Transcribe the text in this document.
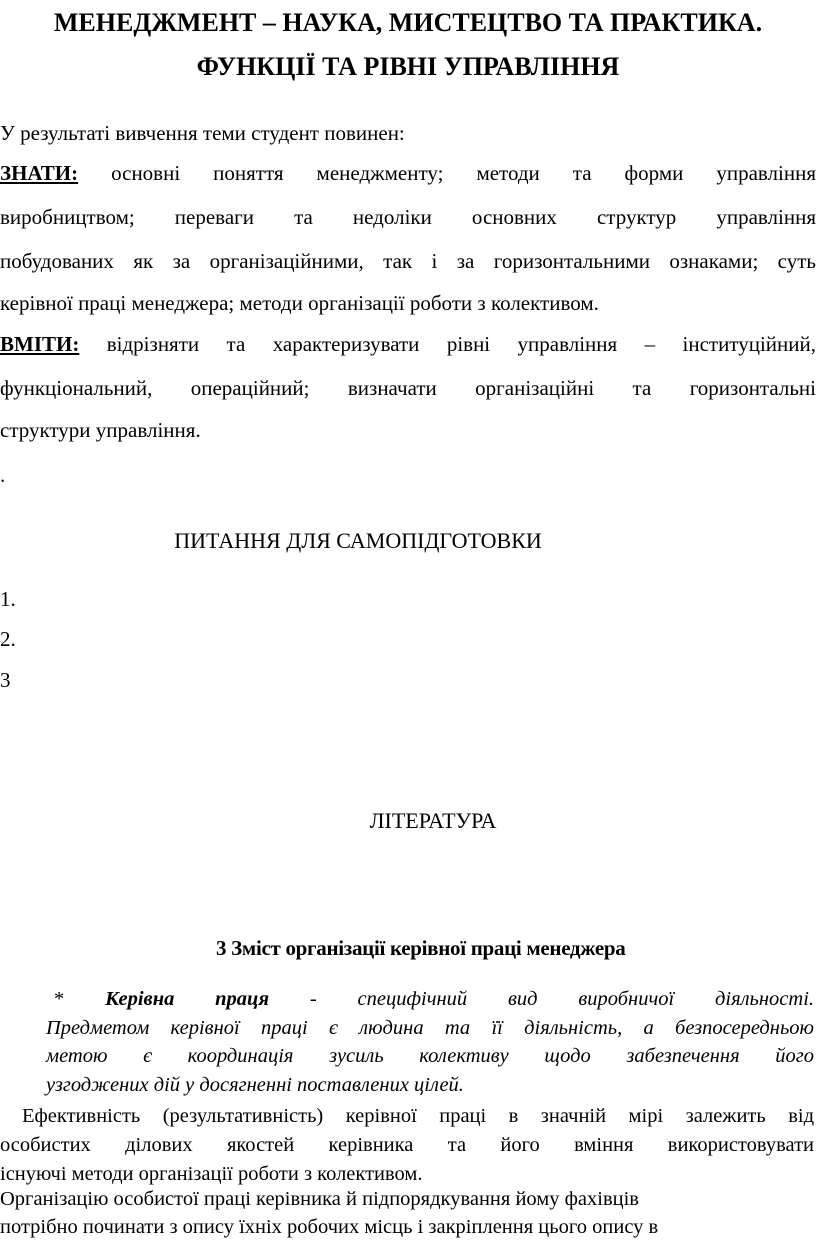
МЕНЕДЖМЕНТ – НАУКА, МИСТЕЦТВО ТА ПРАКТИКА.
ФУНКЦІЇ ТА РІВНІ УПРАВЛІННЯ
У результаті вивчення теми студент повинен:
ЗНАТИ: основні поняття менеджменту; методи та форми управління
виробництвом; переваги та недоліки основних структур управління
побудованих як за організаційними, так і за горизонтальними ознаками; суть
керівної праці менеджера; методи організації роботи з колективом.
ВМІТИ: відрізняти та характеризувати рівні управління – інституційний,
функціональний, операційний; визначати організаційні та горизонтальні
структури управління.
.
ПИТАННЯ ДЛЯ САМОПІДГОТОВКИ
1.
2.
3
ЛІТЕРАТУРА
3 Зміст організації керівної праці менеджера
* Керівна праця - специфічний вид виробничої діяльності.
Предметом керівної праці є людина та її діяльність, а безпосередньою
метою є координація зусиль колективу щодо забезпечення його
узгоджених дій у досягненні поставлених цілей.
Ефективність (результативність) керівної праці в значній мірі залежить від
особистих ділових якостей керівника та його вміння використовувати
існуючі методи організації роботи з колективом.
Організацію особистої праці керівника й підпорядкування йому фахівців
потрібно починати з опису їхніх робочих місць і закріплення цього опису в
